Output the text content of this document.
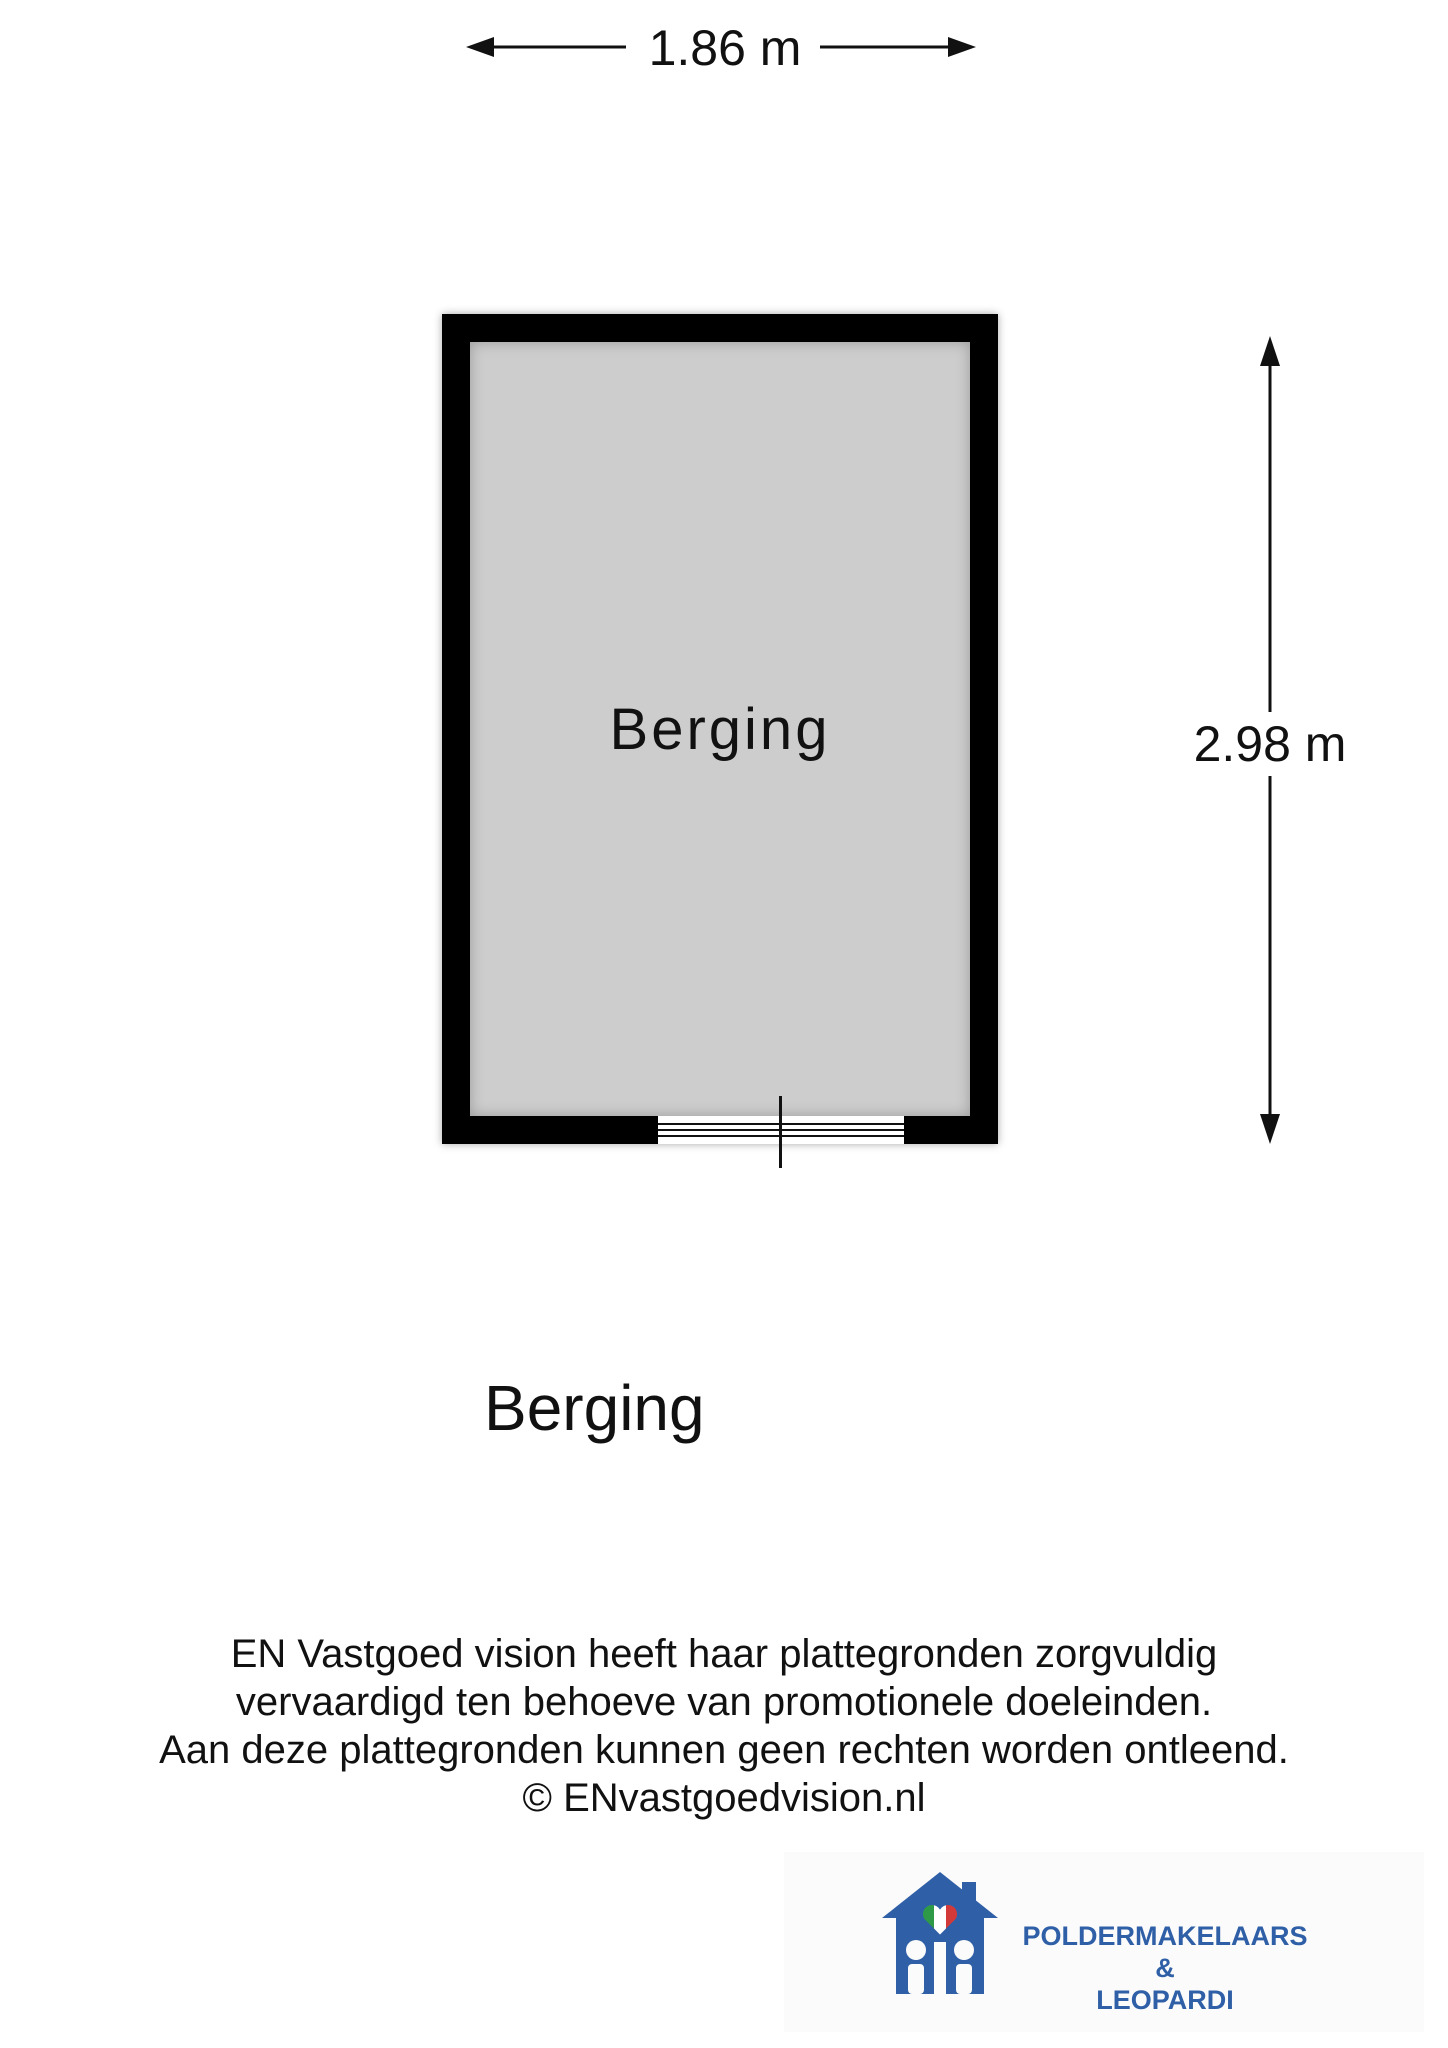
1.86 m
2.98 m
Berging
Berging
EN Vastgoed vision heeft haar plattegronden zorgvuldig
vervaardigd ten behoeve van promotionele doeleinden.
Aan deze plattegronden kunnen geen rechten worden ontleend.
© ENvastgoedvision.nl
POLDERMAKELAARS
&
LEOPARDI
